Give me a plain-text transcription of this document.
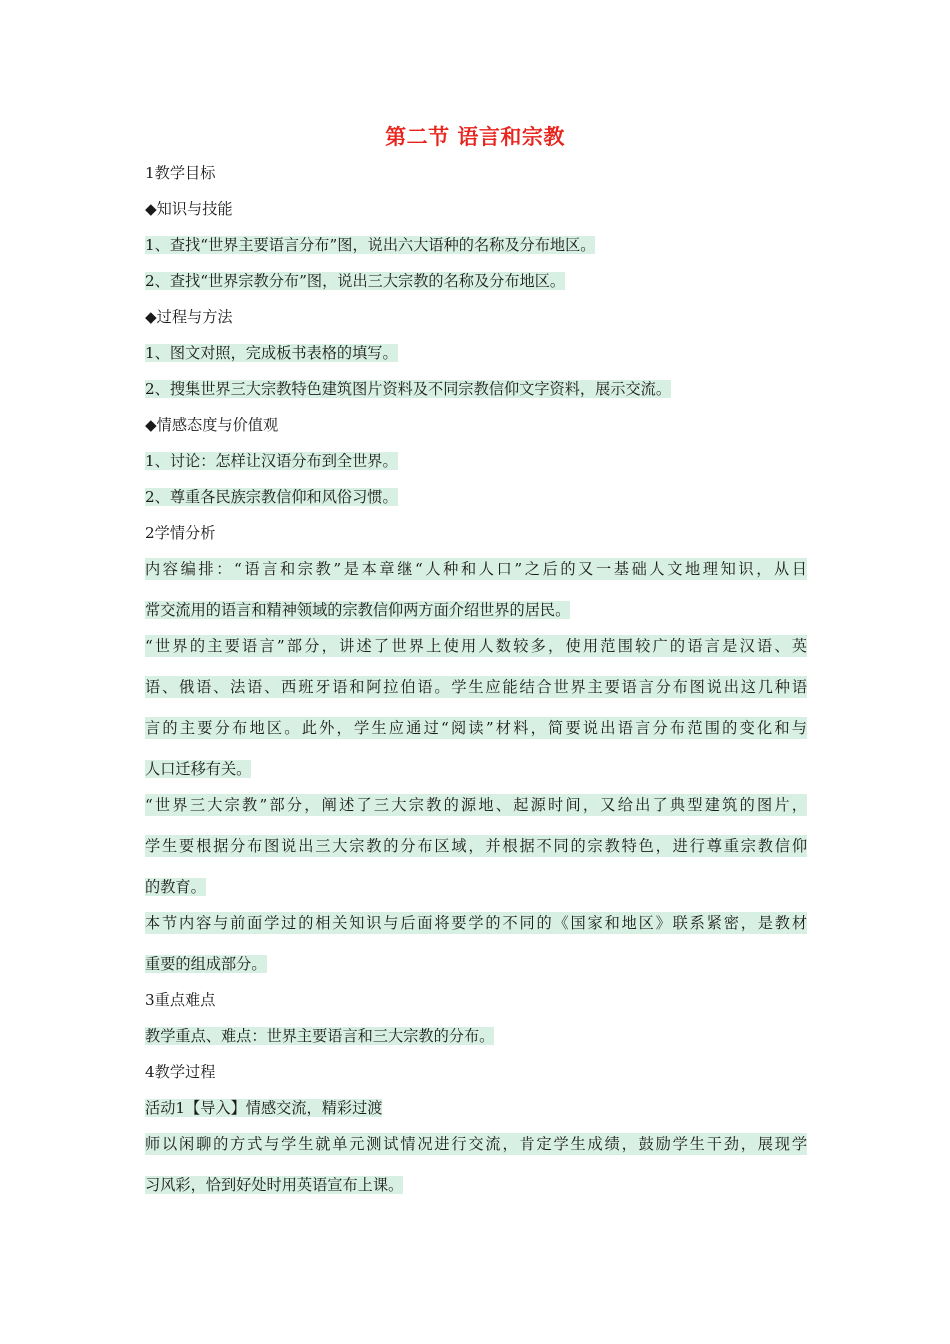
第二节 语言和宗教
1教学目标
◆知识与技能
1、查找“世界主要语言分布”图，说出六大语种的名称及分布地区。
2、查找“世界宗教分布”图，说出三大宗教的名称及分布地区。
◆过程与方法
1、图文对照，完成板书表格的填写。
2、搜集世界三大宗教特色建筑图片资料及不同宗教信仰文字资料，展示交流。
◆情感态度与价值观
1、讨论：怎样让汉语分布到全世界。
2、尊重各民族宗教信仰和风俗习惯。
2学情分析
内容编排：“语言和宗教”是本章继“人种和人口”之后的又一基础人文地理知识，从日
常交流用的语言和精神领域的宗教信仰两方面介绍世界的居民。
“世界的主要语言”部分，讲述了世界上使用人数较多，使用范围较广的语言是汉语、英
语、俄语、法语、西班牙语和阿拉伯语。学生应能结合世界主要语言分布图说出这几种语
言的主要分布地区。此外，学生应通过“阅读”材料，简要说出语言分布范围的变化和与
人口迁移有关。
“世界三大宗教”部分，阐述了三大宗教的源地、起源时间，又给出了典型建筑的图片，
学生要根据分布图说出三大宗教的分布区域，并根据不同的宗教特色，进行尊重宗教信仰
的教育。
本节内容与前面学过的相关知识与后面将要学的不同的《国家和地区》联系紧密，是教材
重要的组成部分。
3重点难点
教学重点、难点：世界主要语言和三大宗教的分布。
4教学过程
活动1【导入】情感交流，精彩过渡
师以闲聊的方式与学生就单元测试情况进行交流，肯定学生成绩，鼓励学生干劲，展现学
习风彩，恰到好处时用英语宣布上课。
